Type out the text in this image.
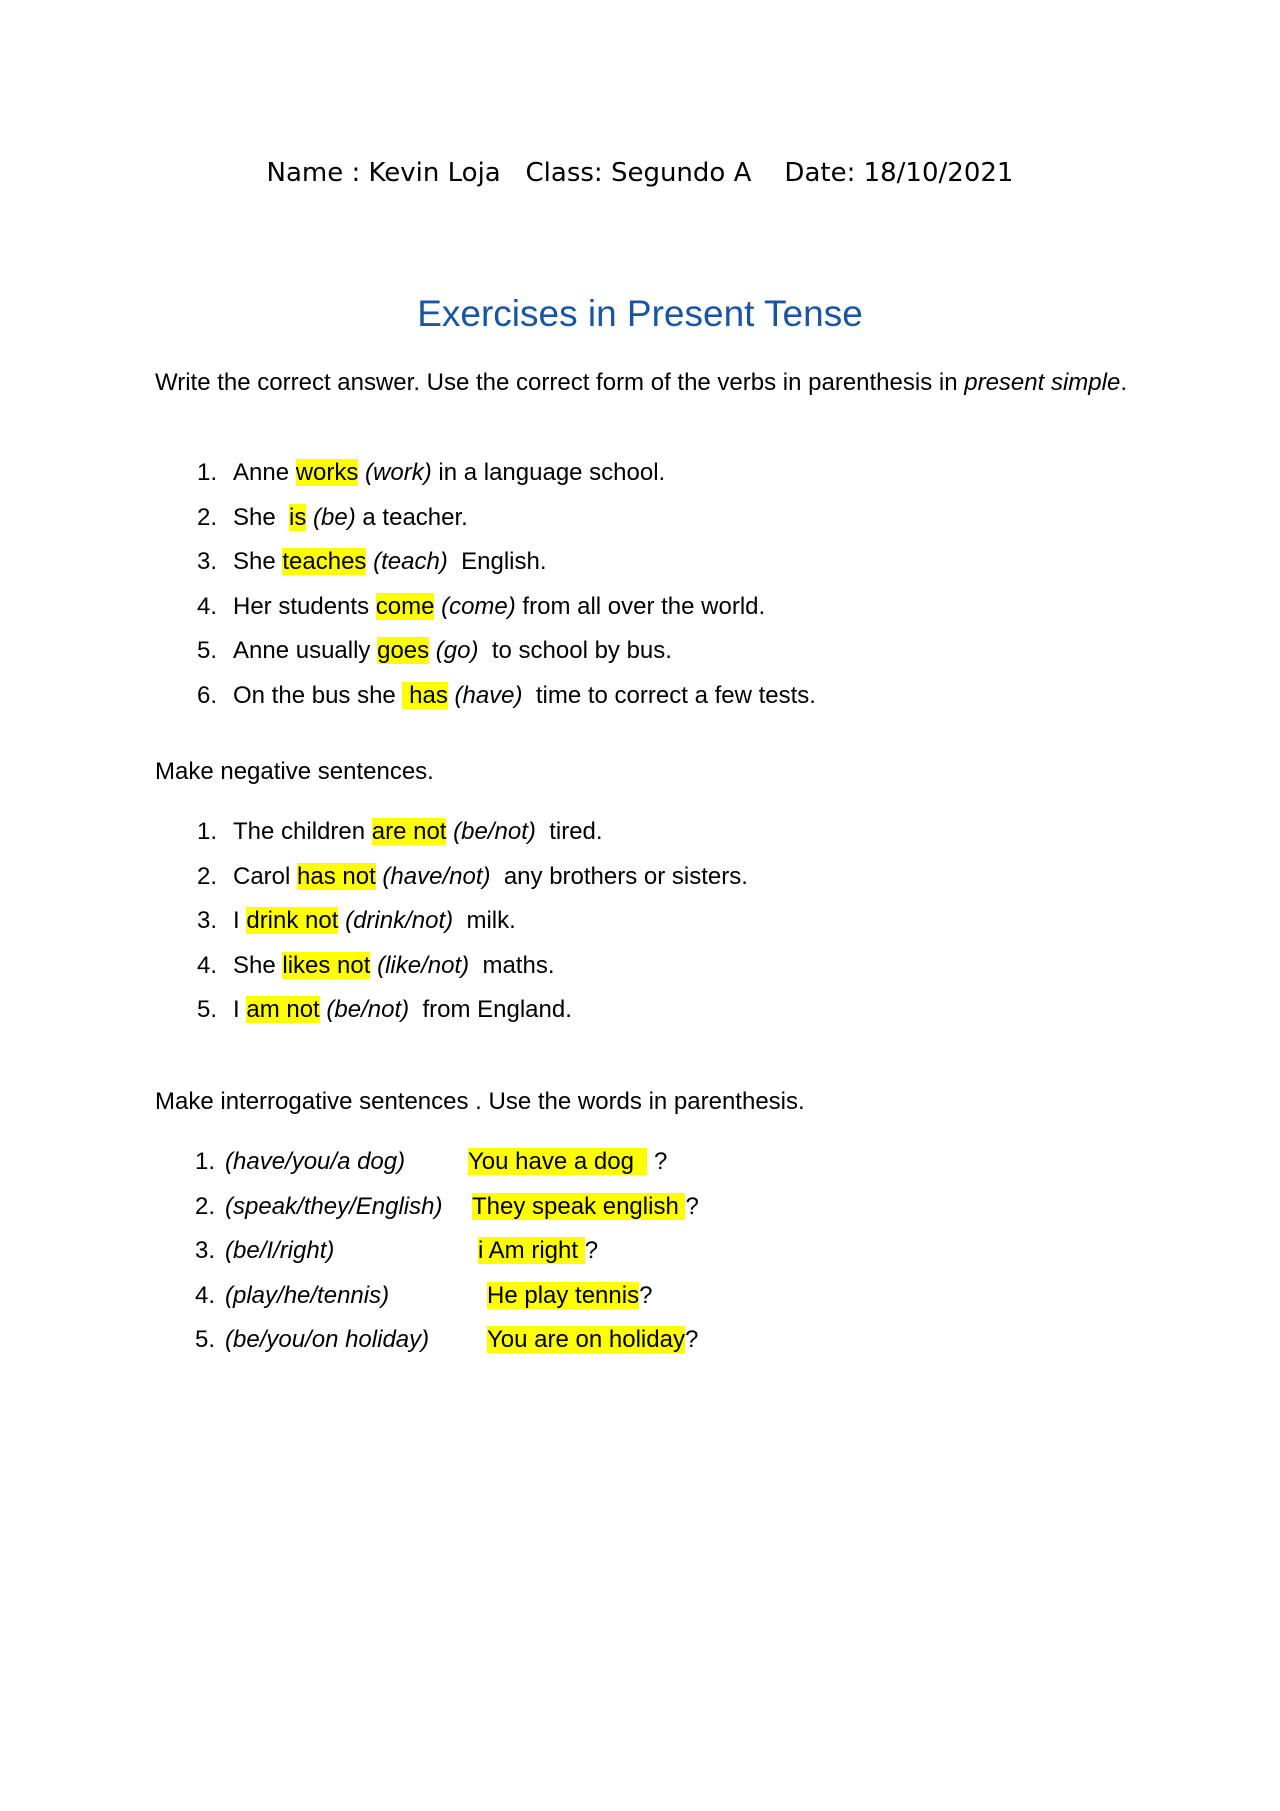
Name : Kevin Loja   Class: Segundo A    Date: 18/10/2021
Exercises in Present Tense
Write the correct answer. Use the correct form of the verbs in parenthesis in present simple.
1. Anne works (work) in a language school.
2. She  is (be) a teacher.
3. She teaches (teach)  English.
4. Her students come (come) from all over the world.
5. Anne usually goes (go)  to school by bus.
6. On the bus she  has (have)  time to correct a few tests.
Make negative sentences.
1. The children are not (be/not)  tired.
2. Carol has not (have/not)  any brothers or sisters.
3. I drink not (drink/not)  milk.
4. She likes not (like/not)  maths.
5. I am not (be/not)  from England.
Make interrogative sentences . Use the words in parenthesis.
1. (have/you/a dog)	You have a dog   ?
2. (speak/they/English) They speak english ?
3. (be/I/right)	i Am right ?
4. (play/he/tennis)	He play tennis?
5. (be/you/on holiday) You are on holiday?
